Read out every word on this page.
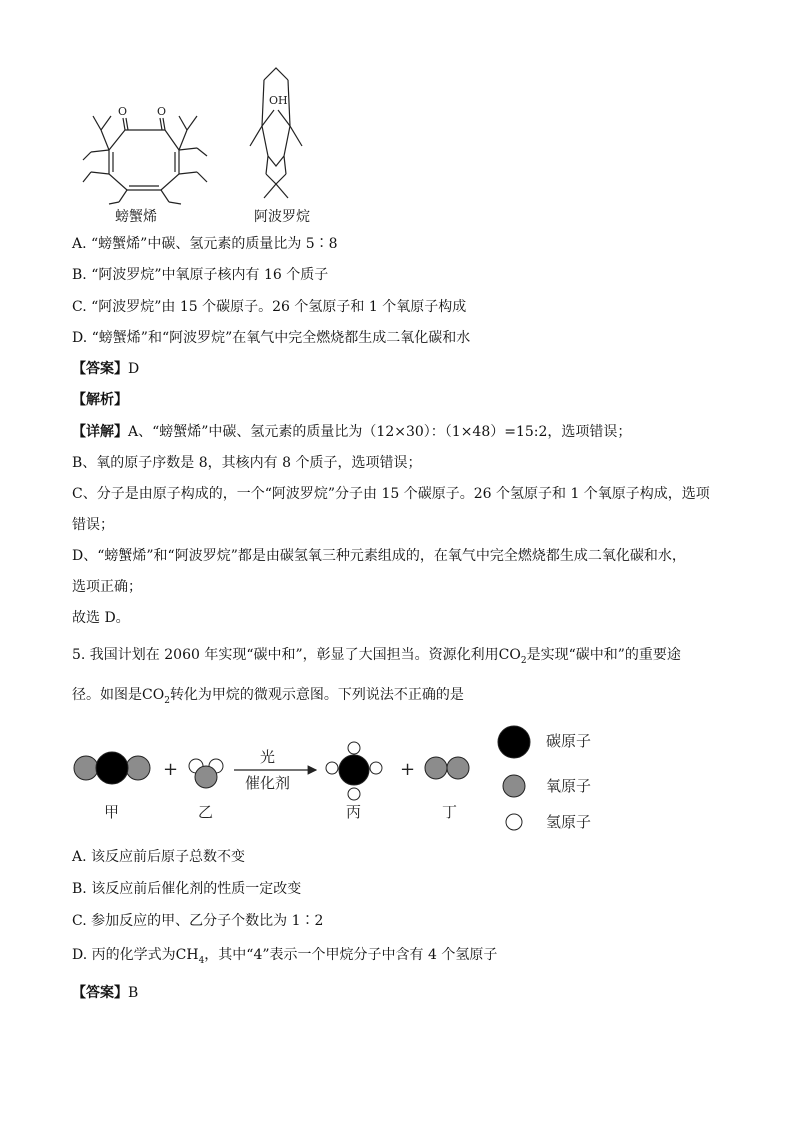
O	O
OH
螃蟹烯	阿波罗烷
A. “螃蟹烯”中碳、氢元素的质量比为 5∶8
B. “阿波罗烷”中氧原子核内有 16 个质子
C. “阿波罗烷”由 15 个碳原子。26 个氢原子和 1 个氧原子构成
D. “螃蟹烯”和“阿波罗烷”在氧气中完全燃烧都生成二氧化碳和水
【答案】D
【解析】
【详解】A、“螃蟹烯”中碳、氢元素的质量比为（12×30）：（1×48）=15:2，选项错误；
B、氧的原子序数是 8，其核内有 8 个质子，选项错误；
C、分子是由原子构成的，一个“阿波罗烷”分子由 15 个碳原子。26 个氢原子和 1 个氧原子构成，选项
错误；
D、“螃蟹烯”和“阿波罗烷”都是由碳氢氧三种元素组成的，在氧气中完全燃烧都生成二氧化碳和水，
选项正确；
故选 D。
5. 我国计划在 2060 年实现“碳中和”，彰显了大国担当。资源化利用$CO_2$是实现“碳中和”的重要途
径。如图是$CO_2$转化为甲烷的微观示意图。下列说法不正确的是
+
光
催化剂
+
甲	乙	丙	丁
碳原子
氧原子
氢原子
A. 该反应前后原子总数不变
B. 该反应前后催化剂的性质一定改变
C. 参加反应的甲、乙分子个数比为 1∶2
D. 丙的化学式为$CH_4$，其中“4”表示一个甲烷分子中含有 4 个氢原子
【答案】B
